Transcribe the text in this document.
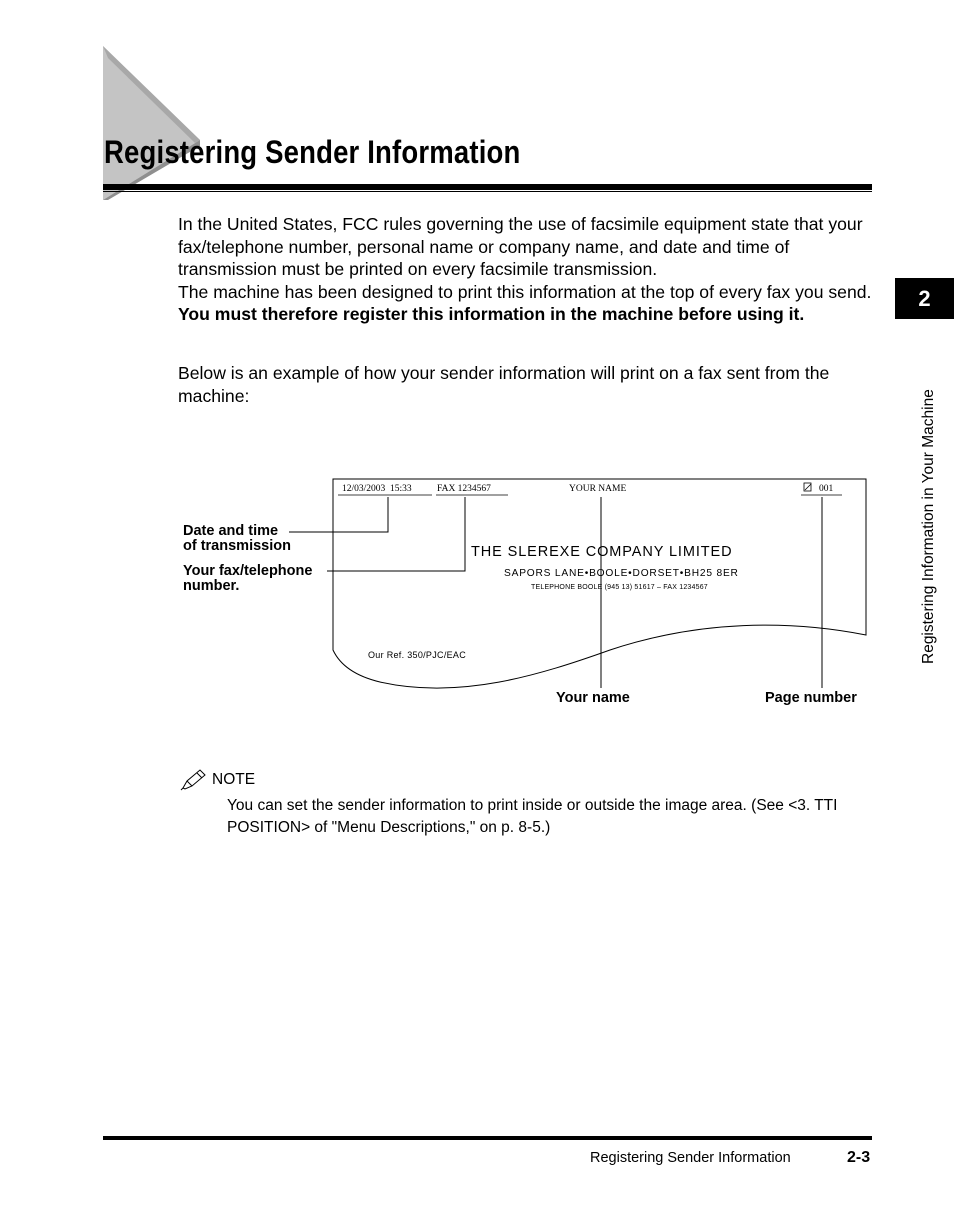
Registering Sender Information
2
Registering Information in Your Machine

In the United States, FCC rules governing the use of facsimile equipment state that your fax/telephone number, personal name or company name, and date and time of transmission must be printed on every facsimile transmission.

The machine has been designed to print this information at the top of every fax you send.

You must therefore register this information in the machine before using it.

Below is an example of how your sender information will print on a fax sent from the machine:

12/03/2003  15:33	FAX 1234567	YOUR NAME	001
THE SLEREXE COMPANY LIMITED
SAPORS LANE•BOOLE•DORSET•BH25 8ER
TELEPHONE BOOLE (945 13) 51617 – FAX 1234567
Our Ref. 350/PJC/EAC
Date and time
of transmission
Your fax/telephone
number.
Your name	Page number
NOTE

You can set the sender information to print inside or outside the image area. (See <3. TTI POSITION> of "Menu Descriptions," on p. 8-5.)

Registering Sender Information	2-3
